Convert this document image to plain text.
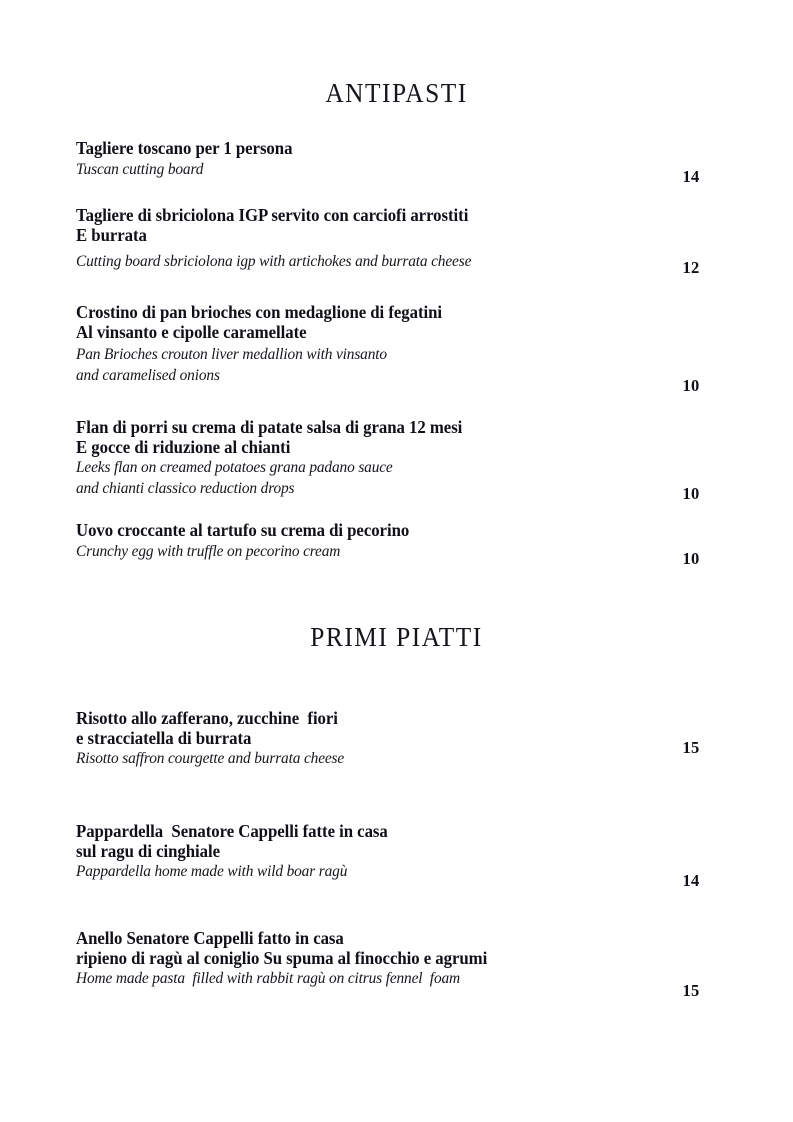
ANTIPASTI
Tagliere toscano per 1 persona
Tuscan cutting board	14
Tagliere di sbriciolona IGP servito con carciofi arrostiti
E burrata
Cutting board sbriciolona igp with artichokes and burrata cheese	12
Crostino di pan brioches con medaglione di fegatini
Al vinsanto e cipolle caramellate
Pan Brioches crouton liver medallion with vinsanto
and caramelised onions
10
Flan di porri su crema di patate salsa di grana 12 mesi
E gocce di riduzione al chianti
Leeks flan on creamed potatoes grana padano sauce
and chianti classico reduction drops	10
Uovo croccante al tartufo su crema di pecorino
Crunchy egg with truffle on pecorino cream	10
PRIMI PIATTI
Risotto allo zafferano, zucchine  fiori
e stracciatella di burrata
Risotto saffron courgette and burrata cheese
15
Pappardella  Senatore Cappelli fatte in casa
sul ragu di cinghiale
Pappardella home made with wild boar ragù	14
Anello Senatore Cappelli fatto in casa
ripieno di ragù al coniglio Su spuma al finocchio e agrumi
Home made pasta  filled with rabbit ragù on citrus fennel  foam
15
